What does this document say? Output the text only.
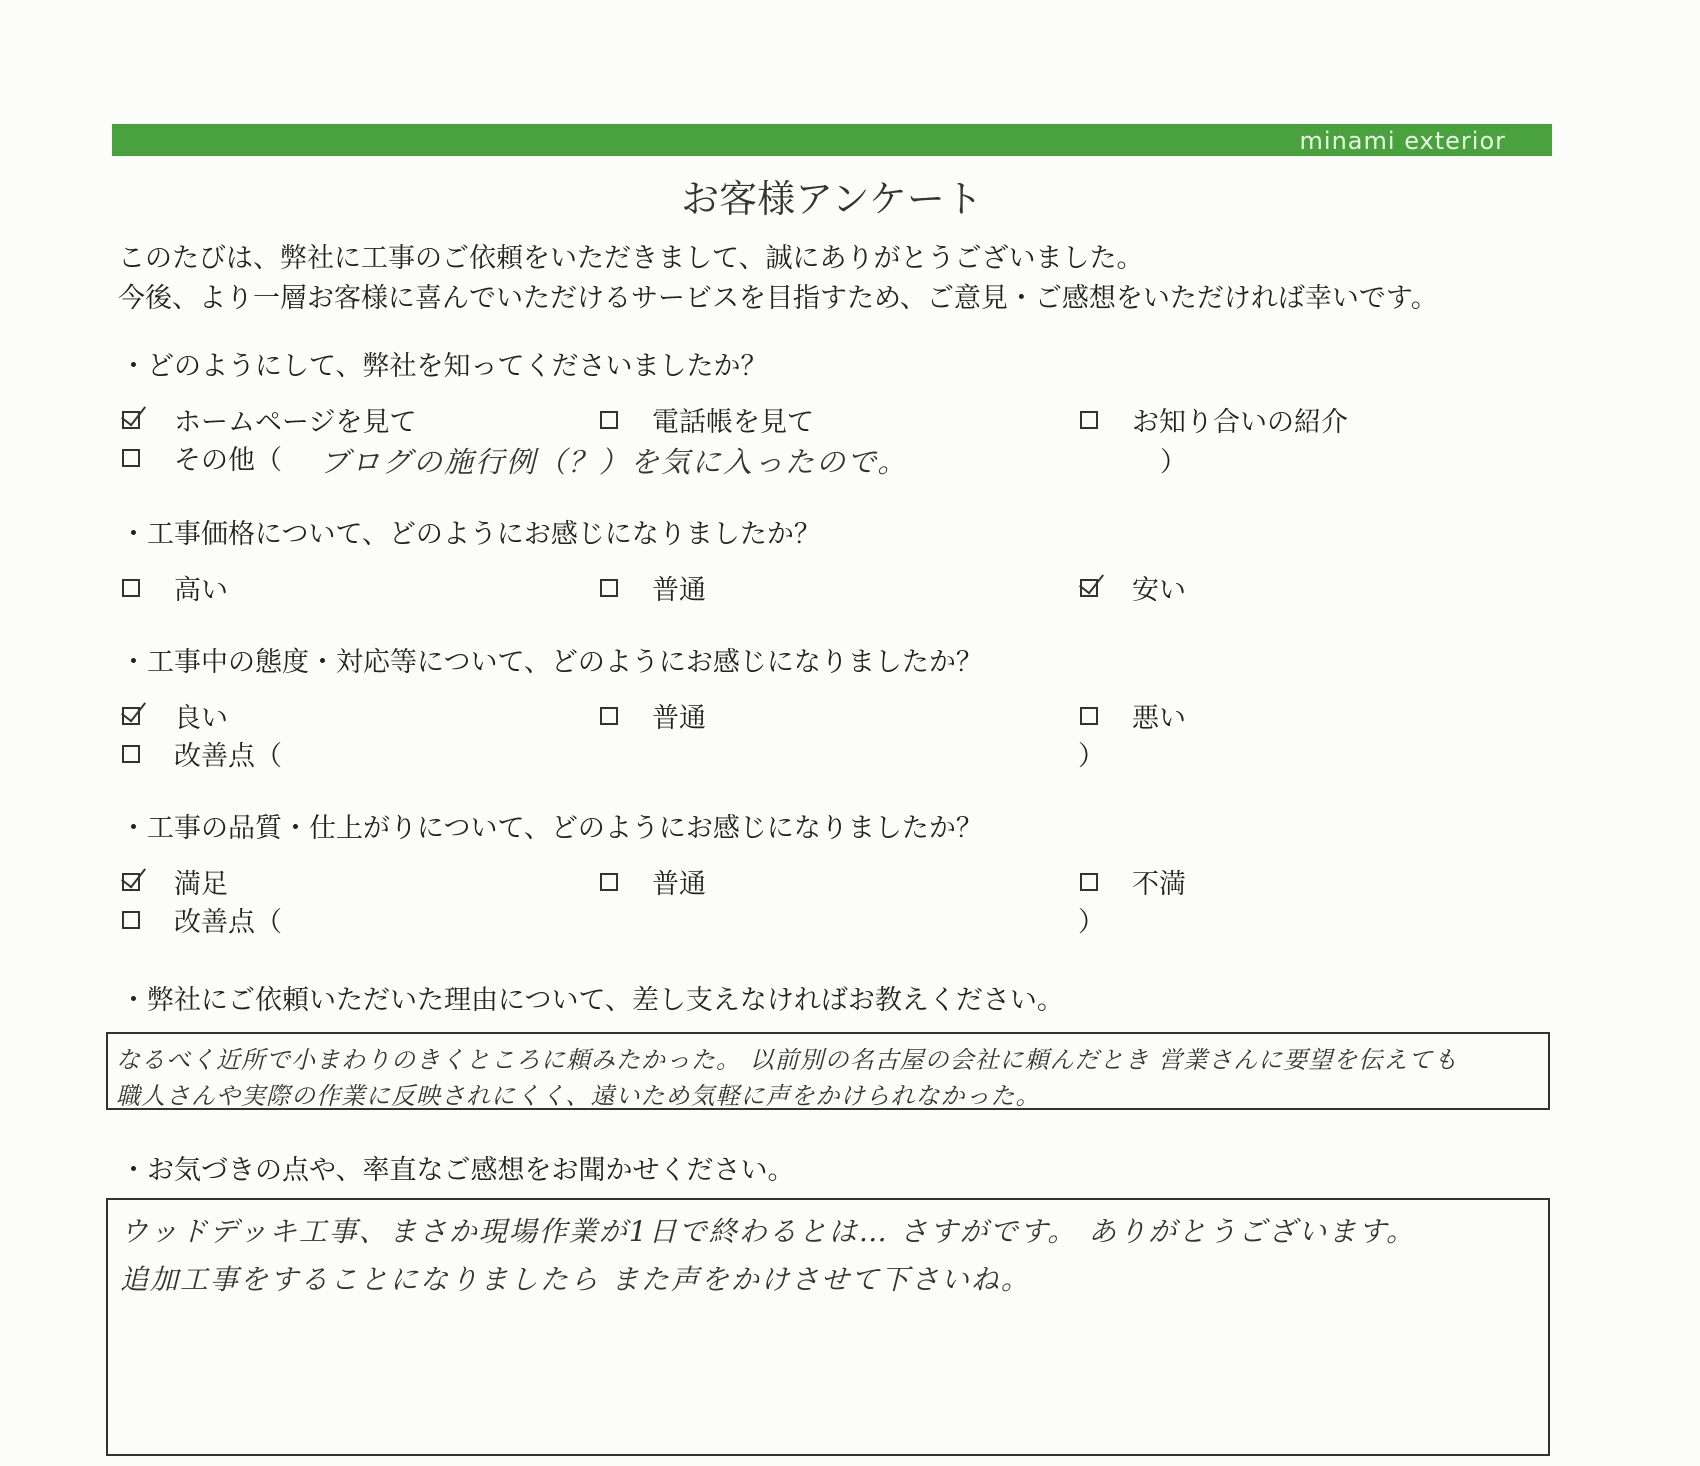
minami exterior
お客様アンケート
このたびは、弊社に工事のご依頼をいただきまして、誠にありがとうございました。
今後、より一層お客様に喜んでいただけるサービスを目指すため、ご意見・ご感想をいただければ幸いです。
・どのようにして、弊社を知ってくださいましたか？
ホームページを見て	電話帳を見て	お知り合いの紹介
その他（ ブログの施行例（？）を気に入ったので。	）
・工事価格について、どのようにお感じになりましたか？
高い	普通	安い
・工事中の態度・対応等について、どのようにお感じになりましたか？
良い	普通	悪い
改善点（	）
・工事の品質・仕上がりについて、どのようにお感じになりましたか？
満足	普通	不満
改善点（	）
・弊社にご依頼いただいた理由について、差し支えなければお教えください。
なるべく近所で小まわりのきくところに頼みたかった。 以前別の名古屋の会社に頼んだとき 営業さんに要望を伝えても
職人さんや実際の作業に反映されにくく、遠いため気軽に声をかけられなかった。
・お気づきの点や、率直なご感想をお聞かせください。
ウッドデッキ工事、まさか現場作業が1日で終わるとは… さすがです。 ありがとうございます。
追加工事をすることになりましたら また声をかけさせて下さいね。
